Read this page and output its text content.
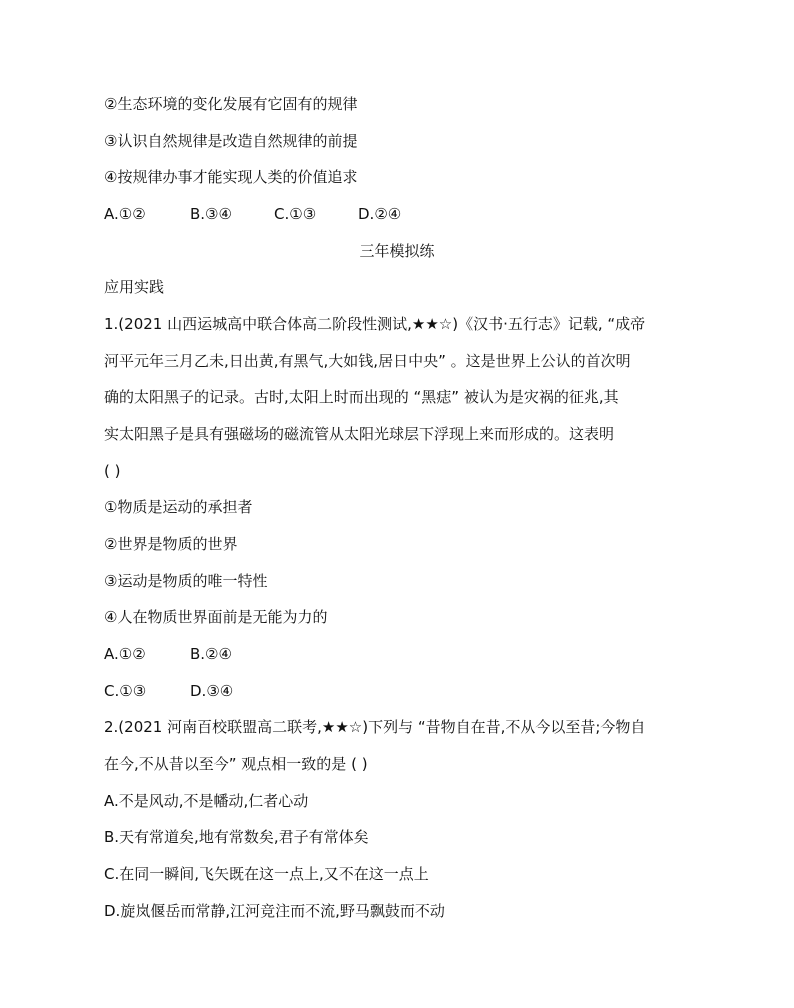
②生态环境的变化发展有它固有的规律
③认识自然规律是改造自然规律的前提
④按规律办事才能实现人类的价值追求
A.①②	B.③④	C.①③	D.②④
三年模拟练
应用实践
1.(2021 山西运城高中联合体高二阶段性测试,★★☆)《汉书·五行志》记载, “成帝
河平元年三月乙未,日出黄,有黑气,大如钱,居日中央” 。这是世界上公认的首次明
确的太阳黑子的记录。古时,太阳上时而出现的 “黑痣” 被认为是灾祸的征兆,其
实太阳黑子是具有强磁场的磁流管从太阳光球层下浮现上来而形成的。这表明
( )
①物质是运动的承担者
②世界是物质的世界
③运动是物质的唯一特性
④人在物质世界面前是无能为力的
A.①②	B.②④
C.①③	D.③④
2.(2021 河南百校联盟高二联考,★★☆)下列与 “昔物自在昔,不从今以至昔;今物自
在今,不从昔以至今” 观点相一致的是 ( )
A.不是风动,不是幡动,仁者心动
B.天有常道矣,地有常数矣,君子有常体矣
C.在同一瞬间,飞矢既在这一点上,又不在这一点上
D.旋岚偃岳而常静,江河竞注而不流,野马飘鼓而不动
